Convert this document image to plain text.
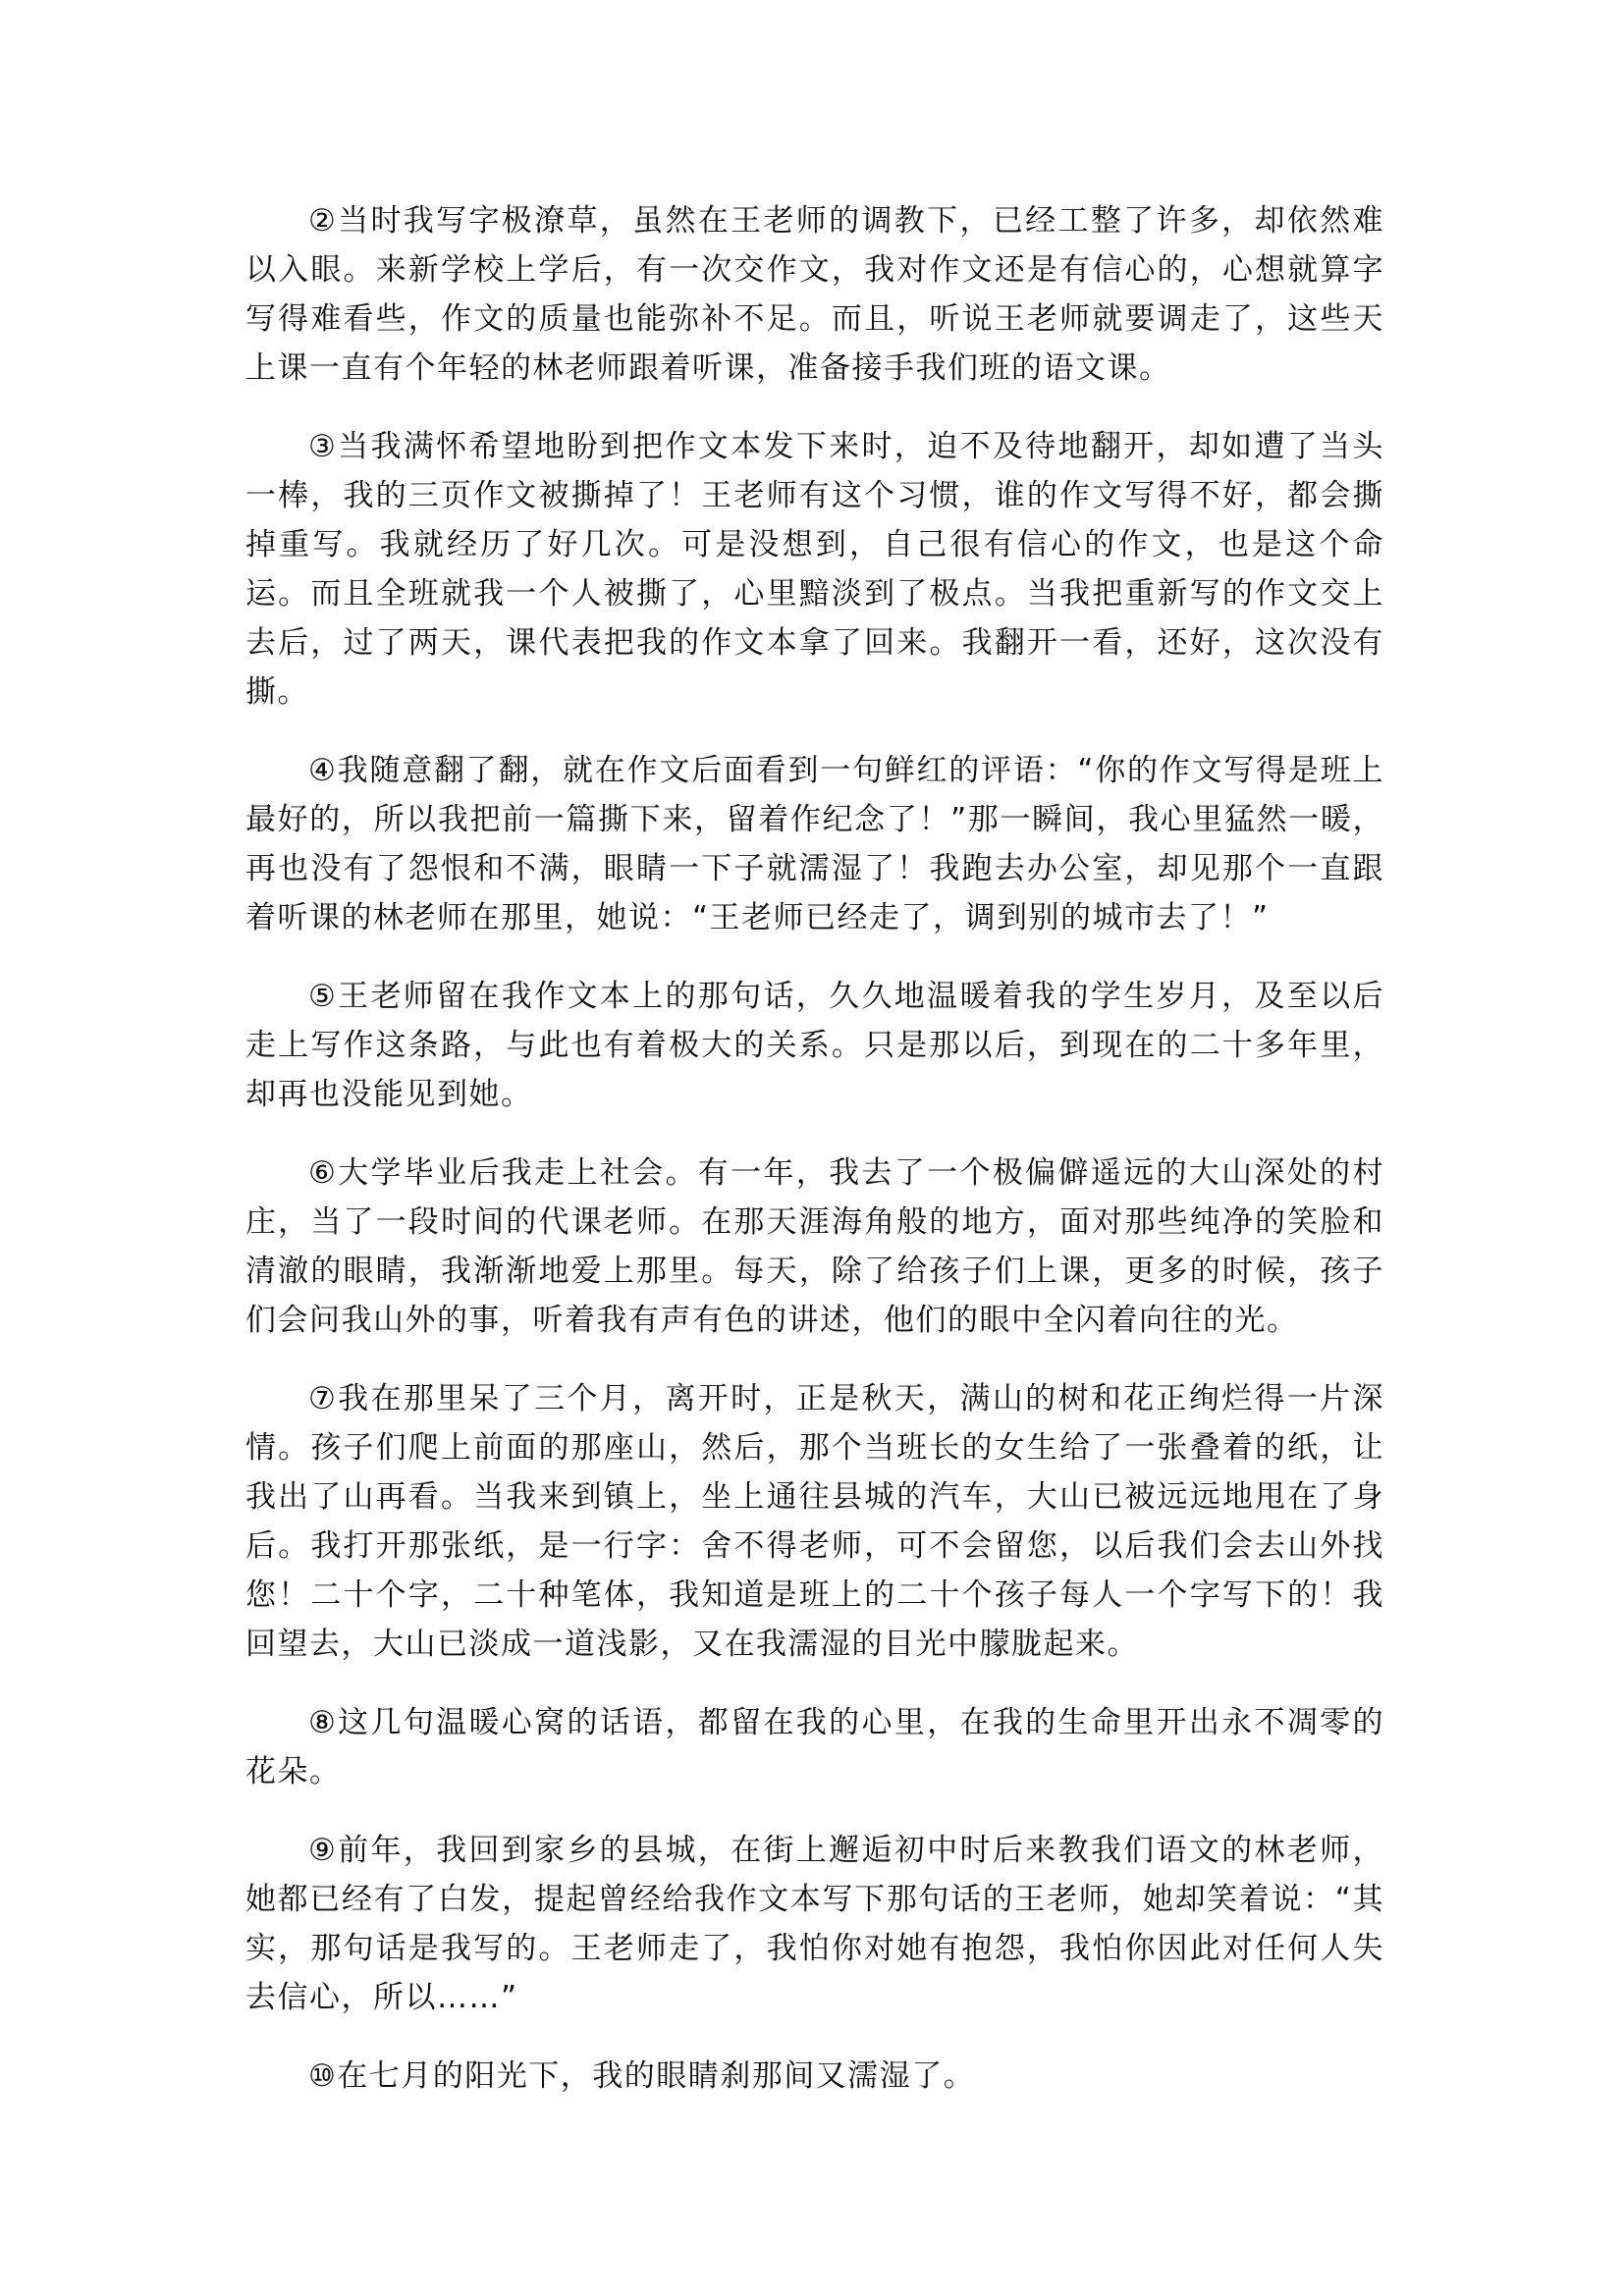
②当时我写字极潦草，虽然在王老师的调教下，已经工整了许多，却依然难以入眼。来新学校上学后，有一次交作文，我对作文还是有信心的，心想就算字写得难看些，作文的质量也能弥补不足。而且，听说王老师就要调走了，这些天上课一直有个年轻的林老师跟着听课，准备接手我们班的语文课。

③当我满怀希望地盼到把作文本发下来时，迫不及待地翻开，却如遭了当头一棒，我的三页作文被撕掉了！王老师有这个习惯，谁的作文写得不好，都会撕掉重写。我就经历了好几次。可是没想到，自己很有信心的作文，也是这个命运。而且全班就我一个人被撕了，心里黯淡到了极点。当我把重新写的作文交上去后，过了两天，课代表把我的作文本拿了回来。我翻开一看，还好，这次没有撕。

④我随意翻了翻，就在作文后面看到一句鲜红的评语：“你的作文写得是班上最好的，所以我把前一篇撕下来，留着作纪念了！”那一瞬间，我心里猛然一暖，再也没有了怨恨和不满，眼睛一下子就濡湿了！我跑去办公室，却见那个一直跟着听课的林老师在那里，她说：“王老师已经走了，调到别的城市去了！”

⑤王老师留在我作文本上的那句话，久久地温暖着我的学生岁月，及至以后走上写作这条路，与此也有着极大的关系。只是那以后，到现在的二十多年里，却再也没能见到她。

⑥大学毕业后我走上社会。有一年，我去了一个极偏僻遥远的大山深处的村庄，当了一段时间的代课老师。在那天涯海角般的地方，面对那些纯净的笑脸和清澈的眼睛，我渐渐地爱上那里。每天，除了给孩子们上课，更多的时候，孩子们会问我山外的事，听着我有声有色的讲述，他们的眼中全闪着向往的光。

⑦我在那里呆了三个月，离开时，正是秋天，满山的树和花正绚烂得一片深情。孩子们爬上前面的那座山，然后，那个当班长的女生给了一张叠着的纸，让我出了山再看。当我来到镇上，坐上通往县城的汽车，大山已被远远地甩在了身后。我打开那张纸，是一行字：舍不得老师，可不会留您，以后我们会去山外找您！二十个字，二十种笔体，我知道是班上的二十个孩子每人一个字写下的！我回望去，大山已淡成一道浅影，又在我濡湿的目光中朦胧起来。

⑧这几句温暖心窝的话语，都留在我的心里，在我的生命里开出永不凋零的花朵。

⑨前年，我回到家乡的县城，在街上邂逅初中时后来教我们语文的林老师，她都已经有了白发，提起曾经给我作文本写下那句话的王老师，她却笑着说：“其实，那句话是我写的。王老师走了，我怕你对她有抱怨，我怕你因此对任何人失去信心，所以……”

⑩在七月的阳光下，我的眼睛刹那间又濡湿了。
